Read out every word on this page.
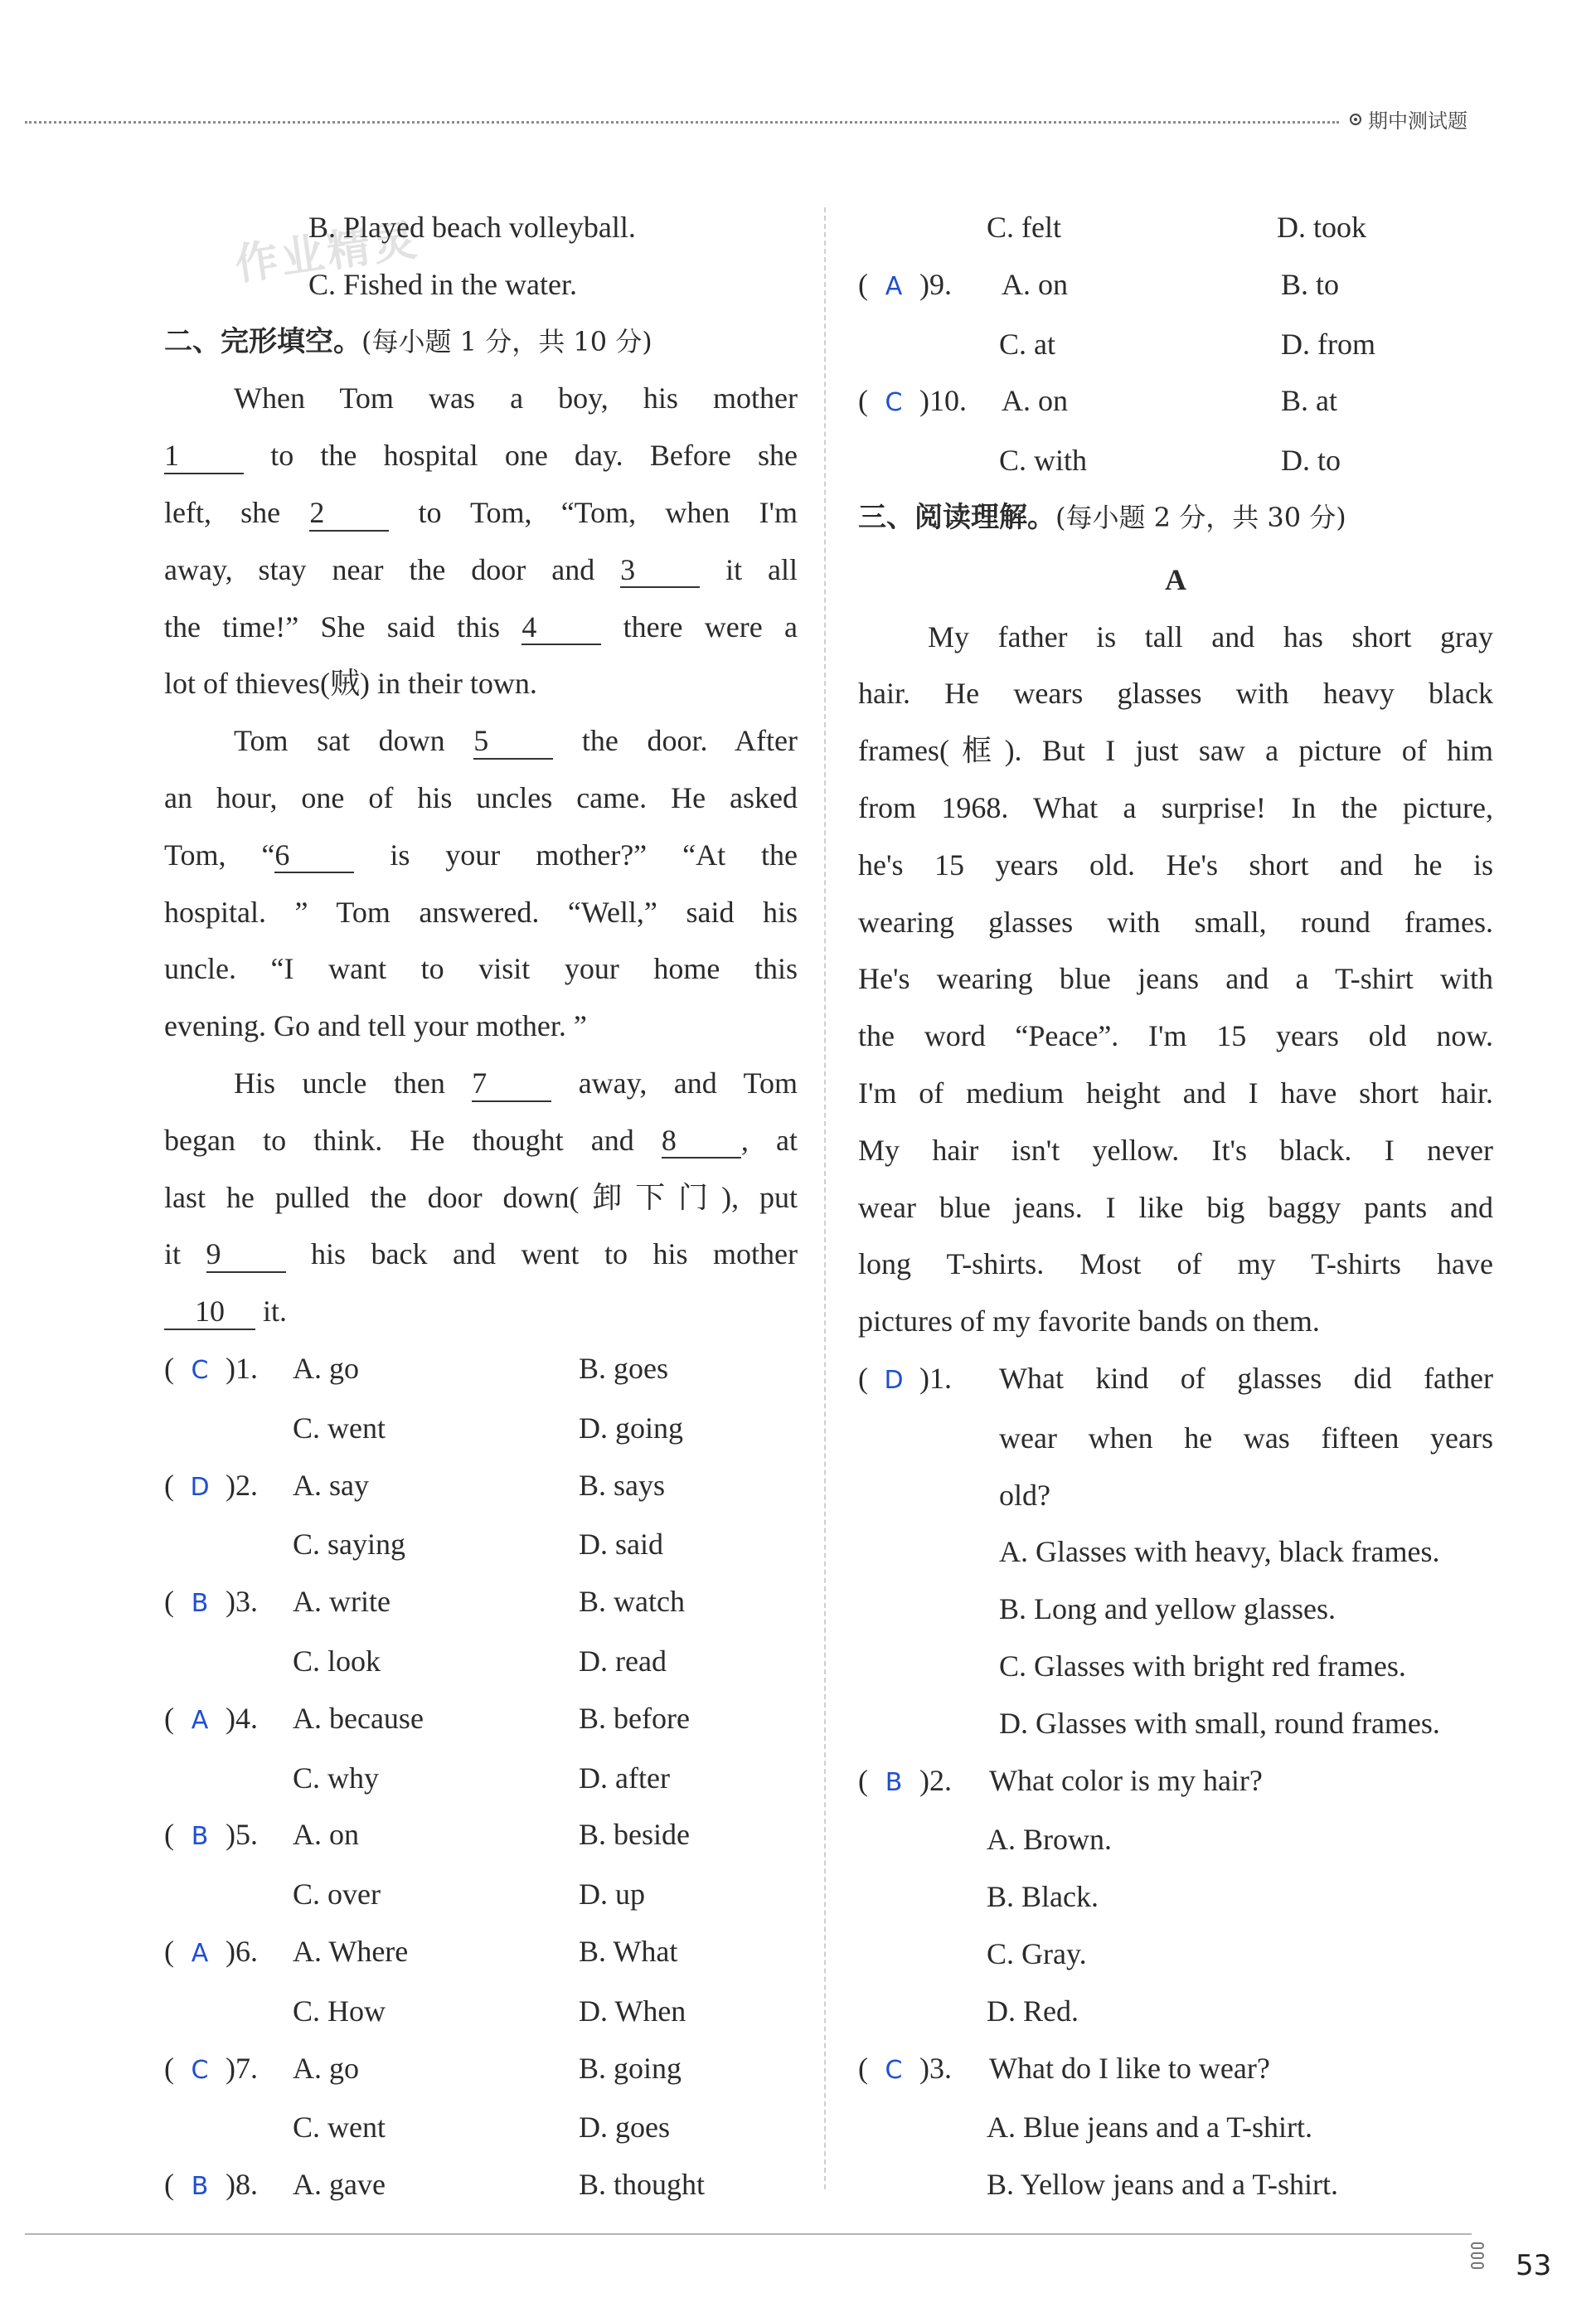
期中测试题
作业精灵
B. Played beach volleyball.
C. Fished in the water.
二、完形填空。(每小题 1 分，共 10 分)
When Tom was a boy, his mother
1 to the hospital one day. Before she
left, she 2 to Tom, “Tom, when I'm
away, stay near the door and 3 it all
the time!” She said this 4 there were a
lot of thieves(贼) in their town.
Tom sat down 5 the door. After
an hour, one of his uncles came. He asked
Tom, “6 is your mother?” “At the
hospital. ” Tom answered. “Well,” said his
uncle. “I want to visit your home this
evening. Go and tell your mother. ”
His uncle then 7 away, and Tom
began to think. He thought and 8 , at
last he pulled the door down(卸下门), put
it 9 his back and went to his mother
10 it.
( C )1.	A. go	B. goes
C. went	D. going
( D )2.	A. say	B. says
C. saying	D. said
( B )3.	A. write	B. watch
C. look	D. read
( A )4.	A. because	B. before
C. why	D. after
( B )5.	A. on	B. beside
C. over	D. up
( A )6.	A. Where	B. What
C. How	D. When
( C )7.	A. go	B. going
C. went	D. goes
( B )8.	A. gave	B. thought
C. felt	D. took
( A )9.	A. on	B. to
C. at	D. from
( C )10.	A. on	B. at
C. with	D. to
三、阅读理解。(每小题 2 分，共 30 分)
A
My father is tall and has short gray
hair. He wears glasses with heavy black
frames(框). But I just saw a picture of him
from 1968. What a surprise! In the picture,
he's 15 years old. He's short and he is
wearing glasses with small, round frames.
He's wearing blue jeans and a T-shirt with
the word “Peace”. I'm 15 years old now.
I'm of medium height and I have short hair.
My hair isn't yellow. It's black. I never
wear blue jeans. I like big baggy pants and
long T-shirts. Most of my T-shirts have
pictures of my favorite bands on them.
( D )1.	What kind of glasses did father
wear when he was fifteen years
old?
A. Glasses with heavy, black frames.
B. Long and yellow glasses.
C. Glasses with bright red frames.
D. Glasses with small, round frames.
( B )2.	What color is my hair?
A. Brown.
B. Black.
C. Gray.
D. Red.
( C )3.	What do I like to wear?
A. Blue jeans and a T-shirt.
B. Yellow jeans and a T-shirt.
53
